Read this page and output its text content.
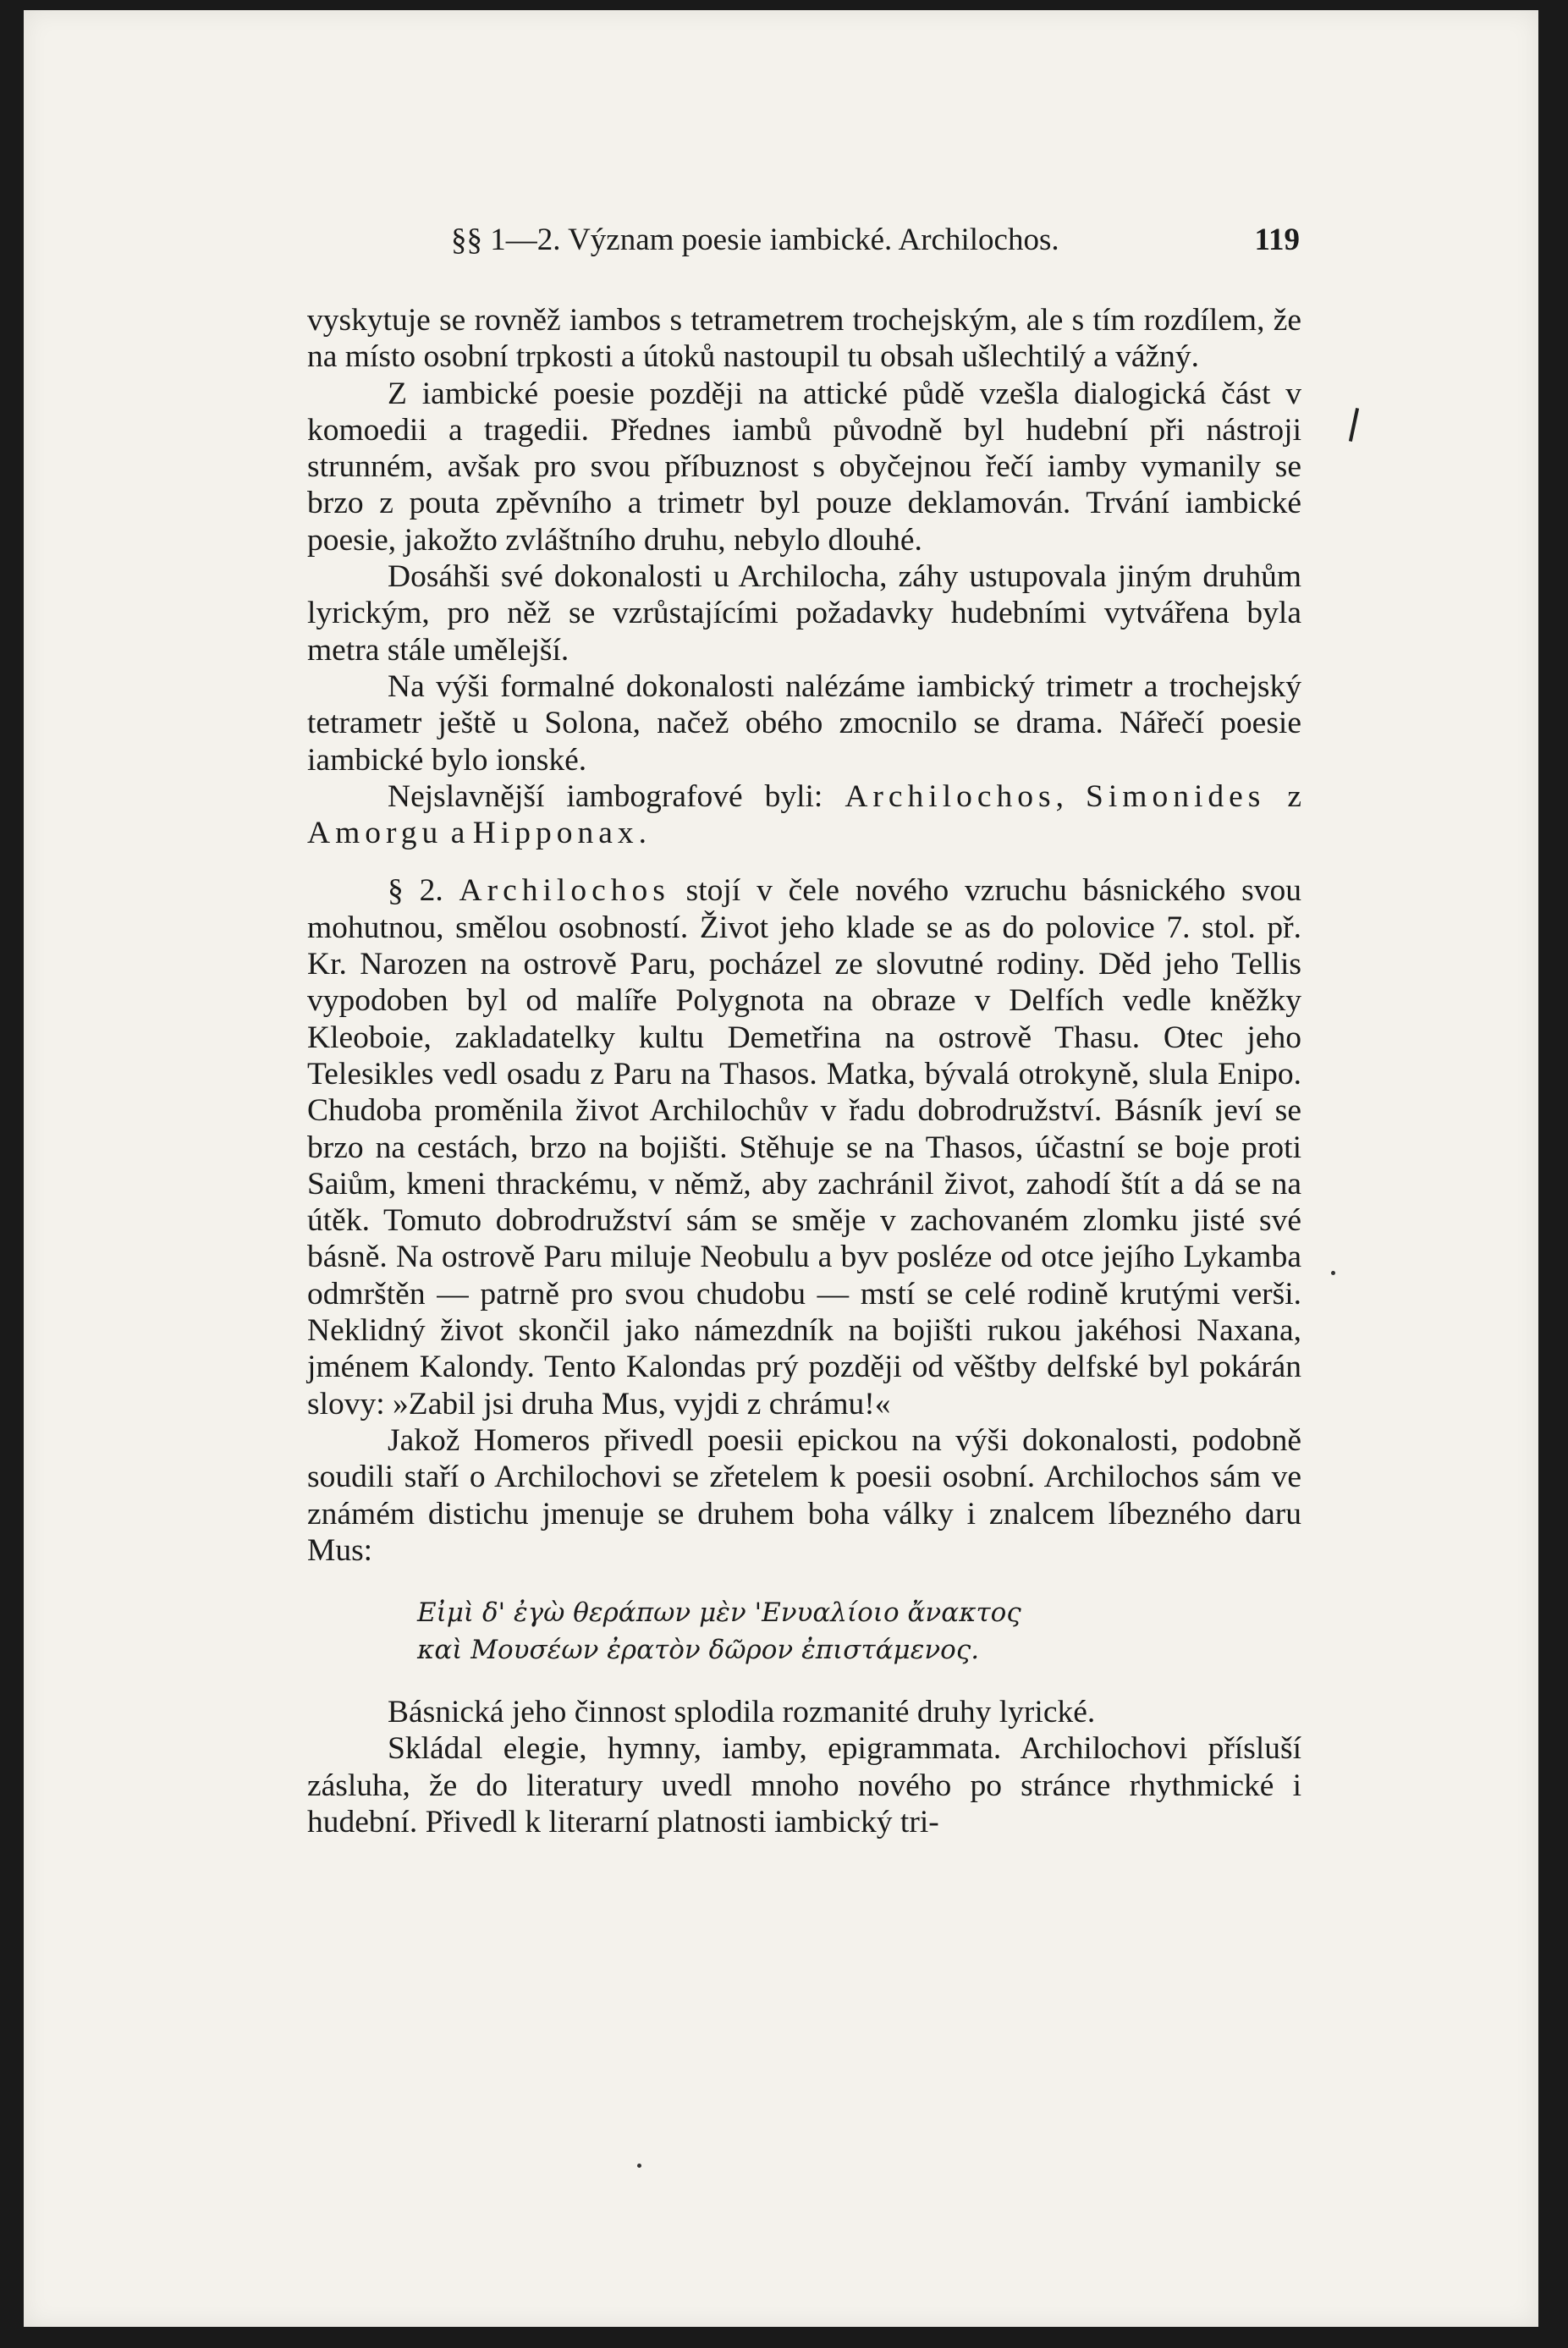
§§ 1—2. Význam poesie iambické. Archilochos.	119

vyskytuje se rovněž iambos s tetrametrem trochejským, ale s tím rozdílem, že na místo osobní trpkosti a útoků nastoupil tu obsah ušlechtilý a vážný.

Z iambické poesie později na attické půdě vzešla dialogická část v komoedii a tragedii. Přednes iambů původně byl hudební při nástroji strunném, avšak pro svou příbuznost s obyčejnou řečí iamby vymanily se brzo z pouta zpěvního a trimetr byl pouze deklamován. Trvání iambické poesie, jakožto zvláštního druhu, nebylo dlouhé.

Dosáhši své dokonalosti u Archilocha, záhy ustupovala jiným druhům lyrickým, pro něž se vzrůstajícími požadavky hudebními vytvářena byla metra stále umělejší.

Na výši formalné dokonalosti nalézáme iambický trimetr a trochejský tetrametr ještě u Solona, načež obého zmocnilo se drama. Nářečí poesie iambické bylo ionské.

Nejslavnější iambografové byli: Archilochos, Simonides z Amorgu a Hipponax.

§ 2. Archilochos stojí v čele nového vzruchu básnického svou mohutnou, smělou osobností. Život jeho klade se as do polovice 7. stol. př. Kr. Narozen na ostrově Paru, pocházel ze slovutné rodiny. Děd jeho Tellis vypodoben byl od malíře Polygnota na obraze v Delfích vedle kněžky Kleoboie, zakladatelky kultu Demetřina na ostrově Thasu. Otec jeho Telesikles vedl osadu z Paru na Thasos. Matka, bývalá otrokyně, slula Enipo. Chudoba proměnila život Archilochův v řadu dobrodružství. Básník jeví se brzo na cestách, brzo na bojišti. Stěhuje se na Thasos, účastní se boje proti Saiům, kmeni thrackému, v němž, aby zachránil život, zahodí štít a dá se na útěk. Tomuto dobrodružství sám se směje v zachovaném zlomku jisté své básně. Na ostrově Paru miluje Neobulu a byv posléze od otce jejího Lykamba odmrštěn — patrně pro svou chudobu — mstí se celé rodině krutými verši. Neklidný život skončil jako námezdník na bojišti rukou jakéhosi Naxana, jménem Kalondy. Tento Kalondas prý později od věštby delfské byl pokárán slovy: »Zabil jsi druha Mus, vyjdi z chrámu!«

Jakož Homeros přivedl poesii epickou na výši dokonalosti, podobně soudili staří o Archilochovi se zřetelem k poesii osobní. Archilochos sám ve známém distichu jmenuje se druhem boha války i znalcem líbezného daru Mus:

Εἰμὶ δ' ἐγὼ θεράπων μὲν 'Ενυαλίοιο ἄνακτος
καὶ Μουσέων ἐρατὸν δῶρον ἐπιστάμενος.

Básnická jeho činnost splodila rozmanité druhy lyrické.

Skládal elegie, hymny, iamby, epigrammata. Archilochovi přísluší zásluha, že do literatury uvedl mnoho nového po stránce rhythmické i hudební. Přivedl k literarní platnosti iambický tri-
